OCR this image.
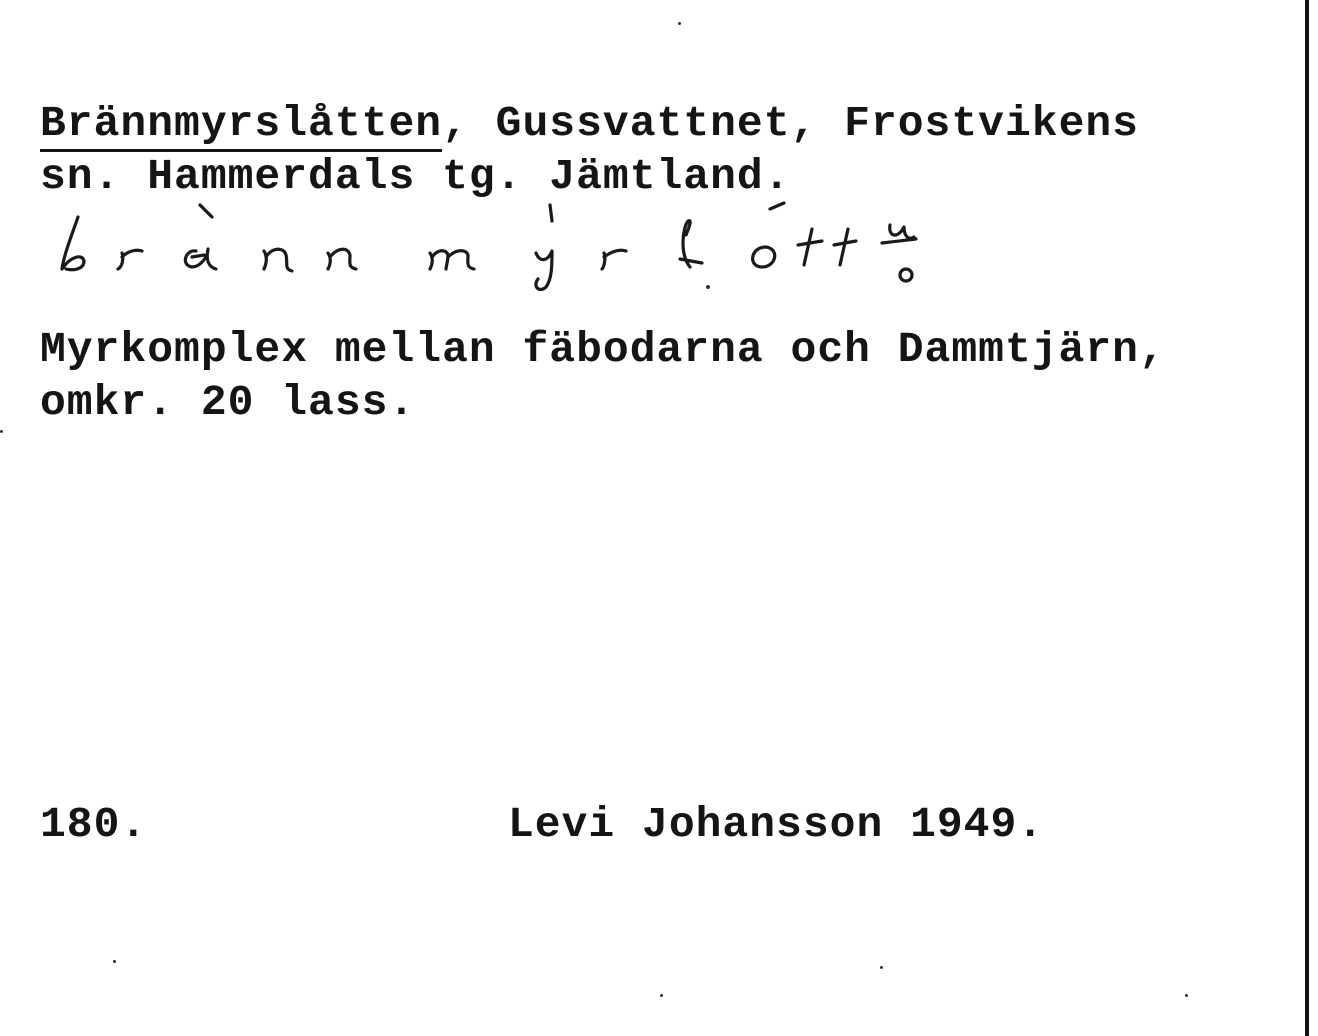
Brännmyrslåtten, Gussvattnet, Frostvikens
sn. Hammerdals tg. Jämtland.
Myrkomplex mellan fäbodarna och Dammtjärn,
omkr. 20 lass.
180.	Levi Johansson 1949.
